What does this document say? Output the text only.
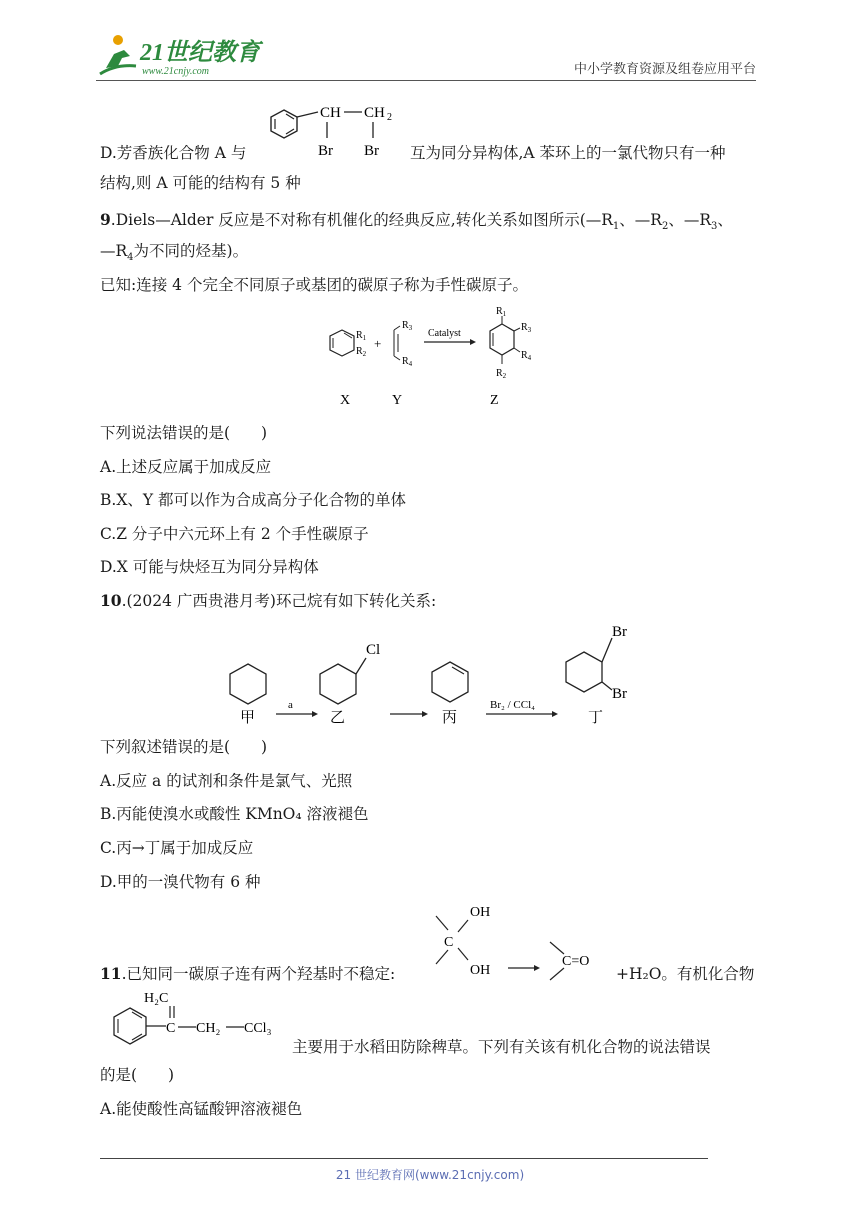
21世纪教育
www.21cnjy.com	中小学教育资源及组卷应用平台
D.芳香族化合物 A 与
CH CH 2
Br Br 互为同分异构体,A 苯环上的一氯代物只有一种
结构,则 A 可能的结构有 5 种
9.Diels—Alder 反应是不对称有机催化的经典反应,转化关系如图所示($—R_1$、$—R_2$、$—R_3$、
$—R_4$为不同的烃基)。
已知:连接 4 个完全不同原子或基团的碳原子称为手性碳原子。
$R_1$
$R_2$
+
$R_3$
$R_4$
Catalyst
$R_1$
$R_3$
$R_4$
$R_2$
X	Y	Z
下列说法错误的是(　　)
A.上述反应属于加成反应
B.X、Y 都可以作为合成高分子化合物的单体
C.Z 分子中六元环上有 2 个手性碳原子
D.X 可能与炔烃互为同分异构体
10.(2024 广西贵港月考)环己烷有如下转化关系:
甲
a
Cl
乙	丙
Br₂ / CCl₄
Br
Br
丁
下列叙述错误的是(　　)
A.反应 a 的试剂和条件是氯气、光照
B.丙能使溴水或酸性 KMnO₄ 溶液褪色
C.丙→丁属于加成反应
D.甲的一溴代物有 6 种
11.已知同一碳原子连有两个羟基时不稳定:
C
OH
OH
C=O
+H₂O。有机化合物
H₂C
C CH₂ CCl₃
主要用于水稻田防除稗草。下列有关该有机化合物的说法错误
的是(　　)
A.能使酸性高锰酸钾溶液褪色
21 世纪教育网(www.21cnjy.com)
